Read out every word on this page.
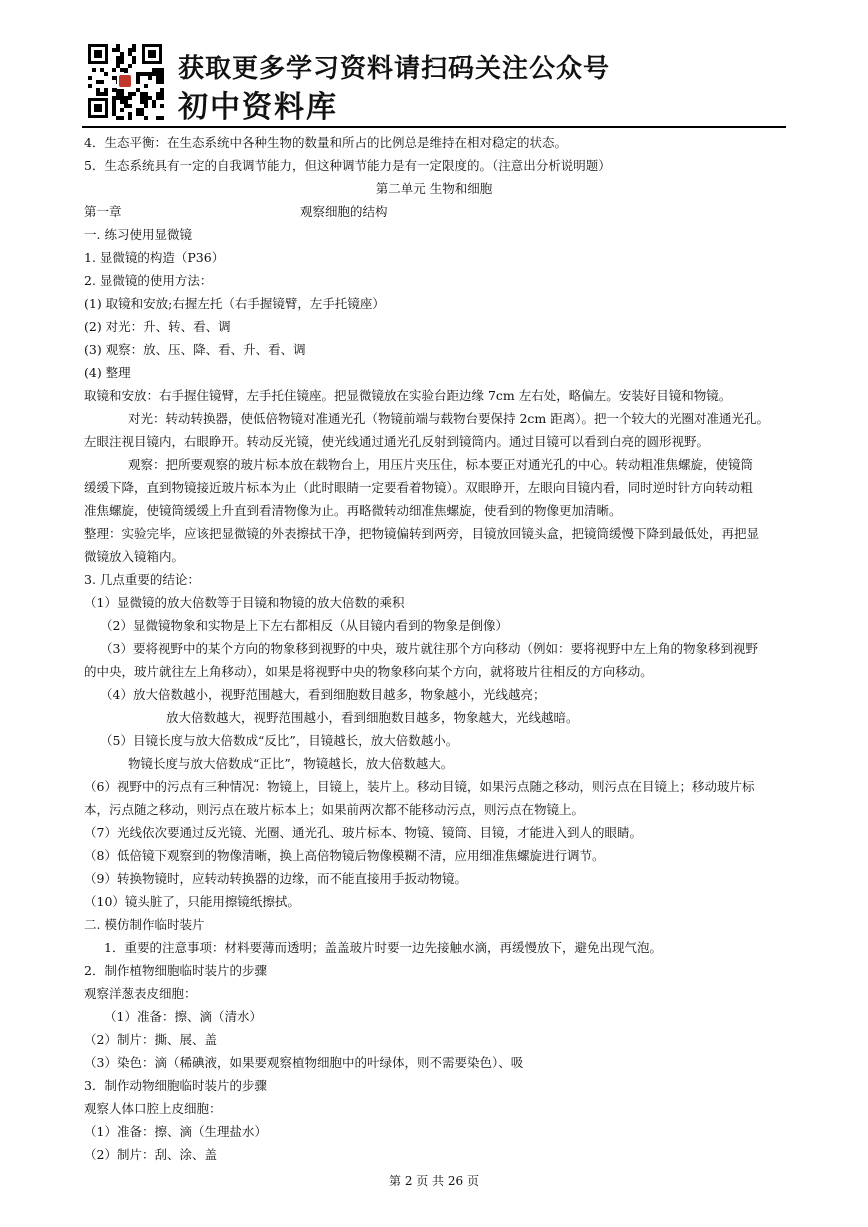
获取更多学习资料请扫码关注公众号
初中资料库
4．生态平衡：在生态系统中各种生物的数量和所占的比例总是维持在相对稳定的状态。
5．生态系统具有一定的自我调节能力，但这种调节能力是有一定限度的。（注意出分析说明题）
第二单元 生物和细胞
第一章	观察细胞的结构
一. 练习使用显微镜
1. 显微镜的构造（P36）
2. 显微镜的使用方法：
(1) 取镜和安放;右握左托（右手握镜臂，左手托镜座）
(2) 对光：升、转、看、调
(3) 观察：放、压、降、看、升、看、调
(4) 整理
取镜和安放：右手握住镜臂，左手托住镜座。把显微镜放在实验台距边缘 7cm 左右处，略偏左。安装好目镜和物镜。
对光：转动转换器，使低倍物镜对准通光孔（物镜前端与载物台要保持 2cm 距离）。把一个较大的光圈对准通光孔。
左眼注视目镜内，右眼睁开。转动反光镜，使光线通过通光孔反射到镜筒内。通过目镜可以看到白亮的圆形视野。
观察：把所要观察的玻片标本放在载物台上，用压片夹压住，标本要正对通光孔的中心。转动粗准焦螺旋，使镜筒
缓缓下降，直到物镜接近玻片标本为止（此时眼睛一定要看着物镜）。双眼睁开，左眼向目镜内看，同时逆时针方向转动粗
准焦螺旋，使镜筒缓缓上升直到看清物像为止。再略微转动细准焦螺旋，使看到的物像更加清晰。
整理：实验完毕，应该把显微镜的外表擦拭干净，把物镜偏转到两旁，目镜放回镜头盒，把镜筒缓慢下降到最低处，再把显
微镜放入镜箱内。
3. 几点重要的结论：
（1）显微镜的放大倍数等于目镜和物镜的放大倍数的乘积
（2）显微镜物象和实物是上下左右都相反（从目镜内看到的物象是倒像）
（3）要将视野中的某个方向的物象移到视野的中央，玻片就往那个方向移动（例如：要将视野中左上角的物象移到视野
的中央，玻片就往左上角移动），如果是将视野中央的物象移向某个方向，就将玻片往相反的方向移动。
（4）放大倍数越小，视野范围越大，看到细胞数目越多，物象越小，光线越亮；
放大倍数越大，视野范围越小，看到细胞数目越多，物象越大，光线越暗。
（5）目镜长度与放大倍数成“反比”，目镜越长，放大倍数越小。
物镜长度与放大倍数成“正比”，物镜越长，放大倍数越大。
（6）视野中的污点有三种情况：物镜上，目镜上，装片上。移动目镜，如果污点随之移动，则污点在目镜上；移动玻片标
本，污点随之移动，则污点在玻片标本上；如果前两次都不能移动污点，则污点在物镜上。
（7）光线依次要通过反光镜、光圈、通光孔、玻片标本、物镜、镜筒、目镜，才能进入到人的眼睛。
（8）低倍镜下观察到的物像清晰，换上高倍物镜后物像模糊不清，应用细准焦螺旋进行调节。
（9）转换物镜时，应转动转换器的边缘，而不能直接用手扳动物镜。
（10）镜头脏了，只能用擦镜纸擦拭。
二. 模仿制作临时装片
1．重要的注意事项：材料要薄而透明；盖盖玻片时要一边先接触水滴，再缓慢放下，避免出现气泡。
2．制作植物细胞临时装片的步骤
观察洋葱表皮细胞：
（1）准备：擦、滴（清水）
（2）制片：撕、展、盖
（3）染色：滴（稀碘液，如果要观察植物细胞中的叶绿体，则不需要染色）、吸
3．制作动物细胞临时装片的步骤
观察人体口腔上皮细胞：
（1）准备：擦、滴（生理盐水）
（2）制片：刮、涂、盖
第 2 页 共 26 页
